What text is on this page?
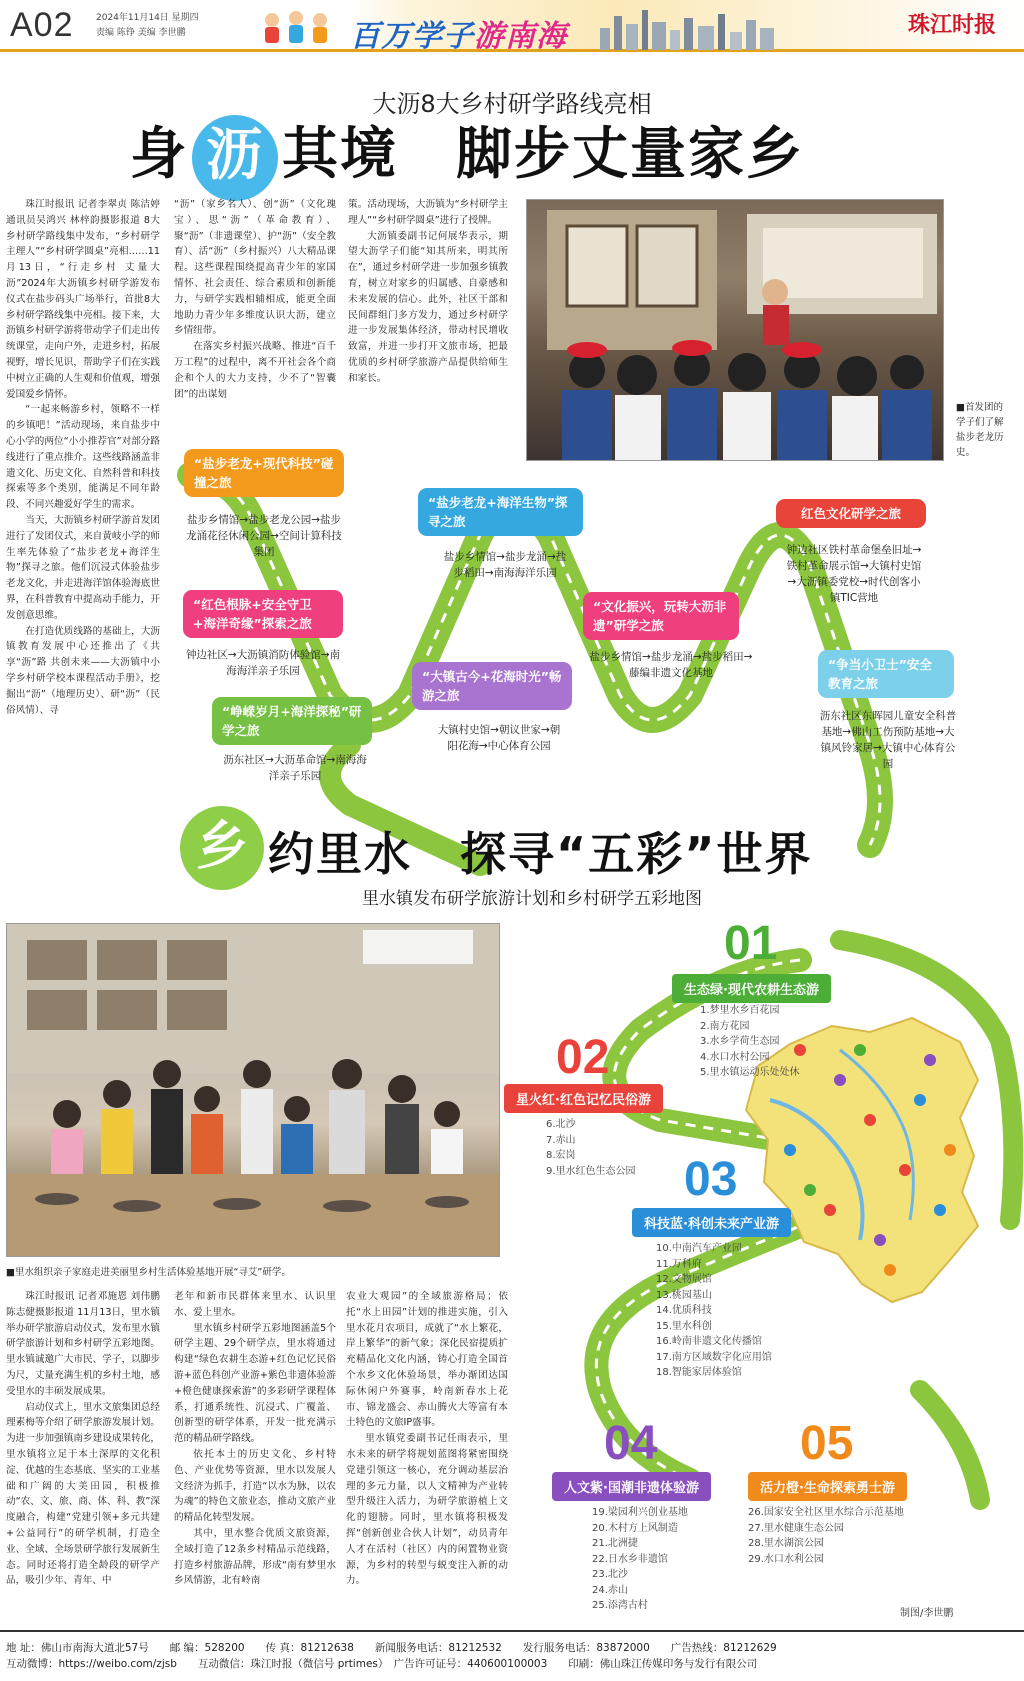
A02	2024年11月14日 星期四
责编 陈铮 美编 李世鹏	百万学子游南海	珠江时报
大沥8大乡村研学路线亮相
身 沥 其境　脚步丈量家乡

珠江时报讯 记者李翠贞 陈洁婷 通讯员吴鸿兴 林梓韵摄影报道 8大乡村研学路线集中发布，“乡村研学主理人”“乡村研学圆桌”亮相……11月13日，“行走乡村 丈量大沥”2024年大沥镇乡村研学游发布仪式在盐步码头广场举行，首批8大乡村研学路线集中亮相。接下来，大沥镇乡村研学游将带动学子们走出传统课堂，走向户外，走进乡村，拓展视野，增长见识，帮助学子们在实践中树立正确的人生观和价值观，增强爱国爱乡情怀。

“一起来畅游乡村，领略不一样的乡镇吧！”活动现场，来自盐步中心小学的两位“小小推荐官”对部分路线进行了重点推介。这些线路涵盖非遗文化、历史文化、自然科普和科技探索等多个类别，能满足不同年龄段、不同兴趣爱好学生的需求。

当天，大沥镇乡村研学游首发团进行了发团仪式，来自黄岐小学的师生率先体验了“盐步老龙+海洋生物”探寻之旅。他们沉浸式体验盐步老龙文化，并走进海洋馆体验海底世界，在科普教育中提高动手能力，开发创意思维。

在打造优质线路的基础上，大沥镇教育发展中心还推出了《共享“沥”路 共创未来——大沥镇中小学乡村研学校本课程活动手册》，挖掘出“沥”（地理历史）、研“沥”（民俗风情）、寻

“沥”（家乡名人）、创“沥”（文化瑰宝）、思“沥”（革命教育）、聚“沥”（非遗课堂）、护“沥”（安全教育）、活“沥”（乡村振兴）八大精品课程。这些课程围绕提高青少年的家国情怀、社会责任、综合素质和创新能力，与研学实践相辅相成，能更全面地助力青少年多维度认识大沥，建立乡情纽带。

在落实乡村振兴战略、推进“百千万工程”的过程中，离不开社会各个商企和个人的大力支持，少不了“智囊团”的出谋划

策。活动现场，大沥镇为“乡村研学主理人”“乡村研学圆桌”进行了授牌。

大沥镇委副书记何展华表示，期望大沥学子们能“知其所来，明其所在”，通过乡村研学进一步加强乡镇教育，树立对家乡的归属感、自豪感和未来发展的信心。此外，社区干部和民间群组门多方发力，通过乡村研学进一步发展集体经济，带动村民增收致富，并进一步打开文旅市场，把最优质的乡村研学旅游产品提供给师生和家长。

■首发团的学子们了解盐步老龙历史。
“盐步老龙+现代科技”碰撞之旅
盐步乡情馆→盐步老龙公园→盐步龙涌花径休闲公园→空间计算科技集团
“盐步老龙+海洋生物”探寻之旅
盐步乡情馆→盐步龙涌→盐步稻田→南海海洋乐园
红色文化研学之旅
钟边社区铁村革命堡垒旧址→铁村革命展示馆→大镇村史馆→大沥镇委党校→时代创客小镇TIC营地
“红色根脉+安全守卫+海洋奇缘”探索之旅
钟边社区→大沥镇消防体验馆→南海海洋亲子乐园
“文化振兴，玩转大沥非遗”研学之旅
盐步乡情馆→盐步龙涌→盐步稻田→藤编非遗文化基地
“大镇古今+花海时光”畅游之旅
大镇村史馆→朝议世家→朝阳花海→中心体育公园
“争当小卫士”安全教育之旅
沥东社区东晖园儿童安全科普基地→佛山工伤预防基地→大镇风铃家居→大镇中心体育公园
“峥嵘岁月+海洋探秘”研学之旅
沥东社区→大沥革命馆→南海海洋亲子乐园
乡 约里水　探寻“五彩”世界
里水镇发布研学旅游计划和乡村研学五彩地图
■里水组织亲子家庭走进美丽里乡村生活体验基地开展“寻艾”研学。
01
生态绿·现代农耕生态游
1.梦里水乡百花园
2.南方花园
3.水乡学荷生态园
4.水口水村公园
5.里水镇运动乐处处休
02
星火红·红色记忆民俗游
6.北沙
7.赤山
8.宏岗
9.里水红色生态公园	03
科技蓝·科创未来产业游
10.中南汽车产业园
11.万科府
12.文物展馆
13.桃园基山
14.优质科技
15.里水科创
16.岭南非遗文化传播馆
17.南方区域数字化应用馆
18.智能家居体验馆
04
人文紫·国潮非遗体验游
19.梁园利兴创业基地
20.木村方上风制造
21.北洲捷
22.日水乡非遗馆
23.北沙
24.赤山
25.添湾古村
05
活力橙·生命探索勇士游
26.国家安全社区里水综合示范基地
27.里水健康生态公园
28.里水湖滨公园
29.水口水利公园

珠江时报讯 记者邓施恩 刘伟鹏 陈志健摄影报道 11月13日，里水镇举办研学旅游启动仪式，发布里水镇研学旅游计划和乡村研学五彩地图。里水镇诚邀广大市民、学子，以脚步为尺，丈量充满生机的乡村土地，感受里水的丰硕发展成果。

启动仪式上，里水文旅集团总经理素梅等介绍了研学旅游发展计划。为进一步加强镇南乡建设成果转化，里水镇将立足于本土深厚的文化积淀、优越的生态基底、坚实的工业基础和广阔的大美田园，积极推动“农、文、旅、商、体、科、教”深度融合，构建“党建引领+多元共建+公益同行”的研学机制，打造全业、全域、全场景研学旅行发展新生态。同时还将打造全龄段的研学产品，吸引少年、青年、中

老年和新市民群体来里水、认识里水、爱上里水。

里水镇乡村研学五彩地图涵盖5个研学主题、29个研学点，里水将通过构建“绿色农耕生态游+红色记忆民俗游+蓝色科创产业游+紫色非遗体验游+橙色健康探索游”的多彩研学课程体系，打通系统性、沉浸式、广覆盖、创新型的研学体系，开发一批充满示范的精品研学路线。

依托本土的历史文化、乡村特色、产业优势等资源，里水以发展人文经济为抓手，打造“以水为脉，以农为魂”的特色文旅业态，推动文旅产业的精品化转型发展。

其中，里水整合优质文旅资源，全域打造了12条乡村精品示范线路，打造乡村旅游品牌，形成“南有梦里水乡风情游，北有岭南

农业大观园”的全域旅游格局；依托“水上田园”计划的推进实施，引入里水花月农项目，成就了“水上繁花，岸上繁华”的新气象；深化民宿提质扩充精品化文化内涵，铸心打造全国首个水乡文化休验场景，举办渐团达国际休闲户外赛事，岭南新春水上花市、锦龙盛会、赤山腾火大等富有本土特色的文旅IP盛事。

里水镇党委副书记任雨表示，里水未来的研学将规划蓝图将紧密围绕党建引领这一核心，充分调动基层治理的多元力量，以人文精神为产业转型升级注入活力，为研学旅游植上文化的翅膀。同时，里水镇将积极发挥“创新创业合伙人计划”，动员青年人才在活村（社区）内的闲置物业资源，为乡村的转型与蜕变注入新的动力。

制图/李世鹏
地 址：佛山市南海大道北57号　　邮 编：528200　　传 真：81212638　　新闻服务电话：81212532　　发行服务电话：83872000　　广告热线：81212629
互动微博：https://weibo.com/zjsb　　互动微信：珠江时报（微信号 prtimes）　广告许可证号：440600100003　　印刷：佛山珠江传媒印务与发行有限公司
